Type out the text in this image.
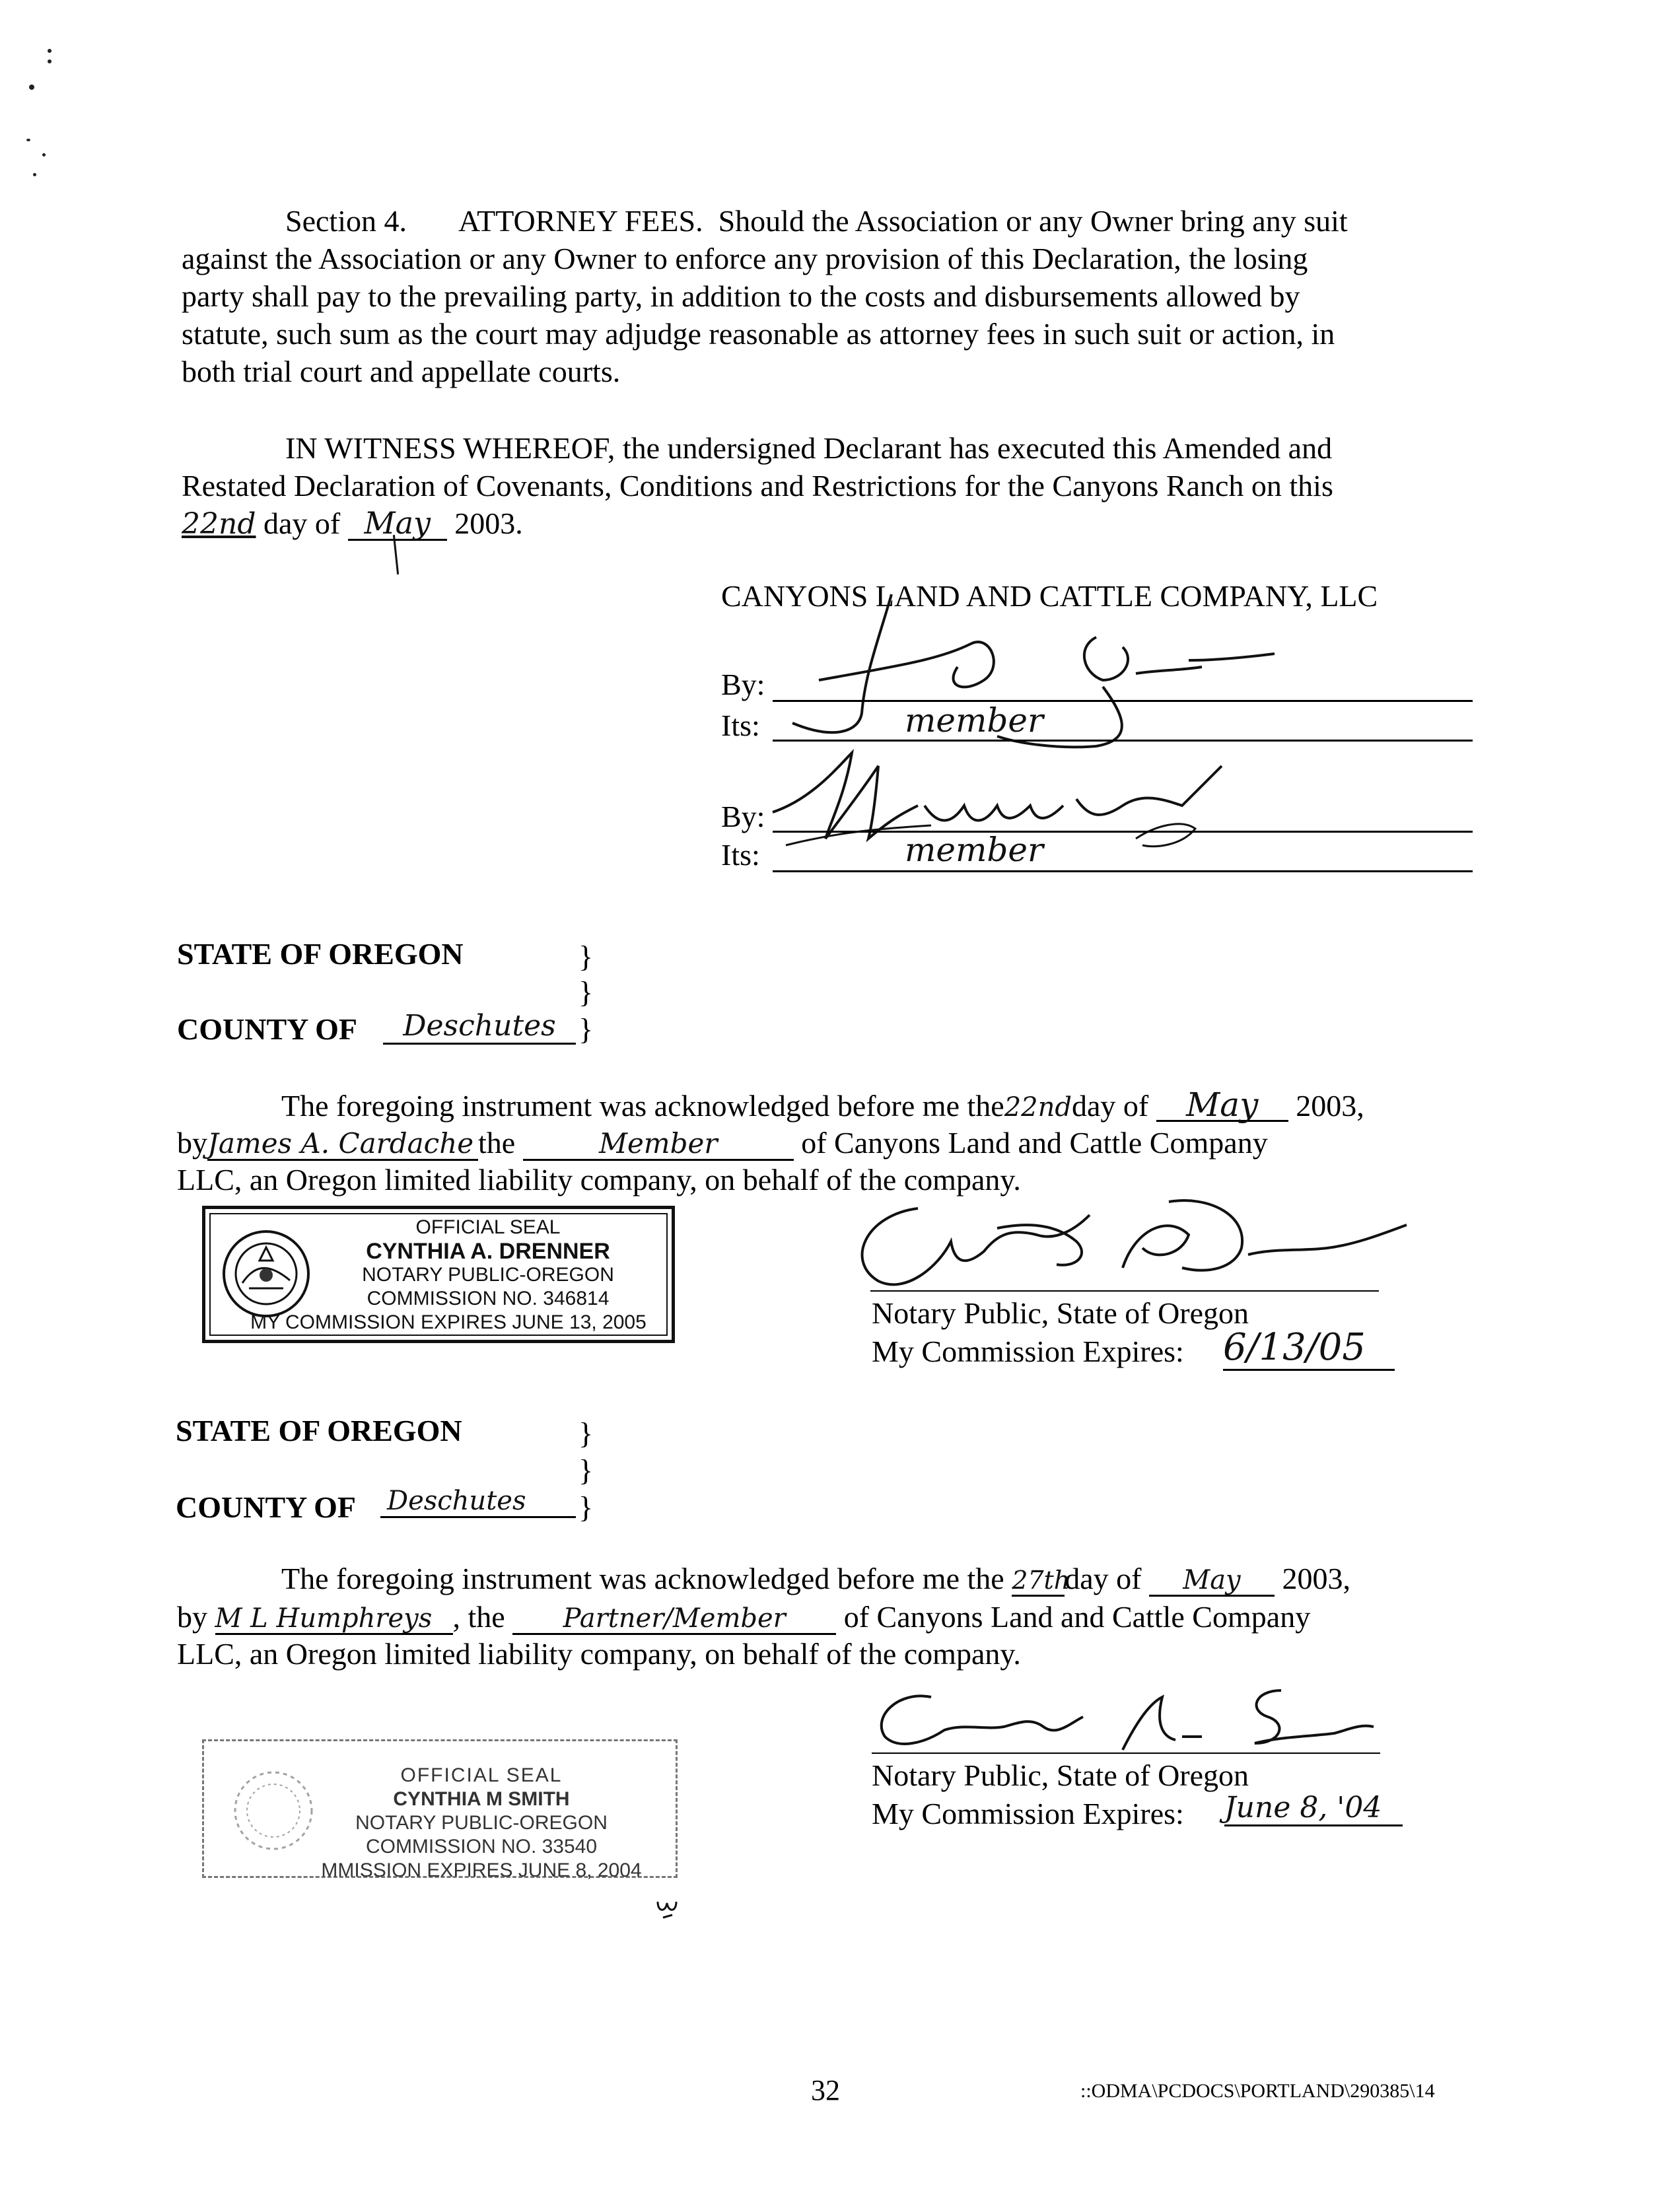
Section 4. ATTORNEY FEES. Should the Association or any Owner bring any suit
against the Association or any Owner to enforce any provision of this Declaration, the losing
party shall pay to the prevailing party, in addition to the costs and disbursements allowed by
statute, such sum as the court may adjudge reasonable as attorney fees in such suit or action, in
both trial court and appellate courts.
IN WITNESS WHEREOF, the undersigned Declarant has executed this Amended and
Restated Declaration of Covenants, Conditions and Restrictions for the Canyons Ranch on this
22nd day of May 2003.
CANYONS LAND AND CATTLE COMPANY, LLC
By:
Its:	member
By:
Its:	member
STATE OF OREGON	}
}
COUNTY OF	Deschutes }
The foregoing instrument was acknowledged before me the22ndday of May 2003,
byJames A. Cardache the	Member	of Canyons Land and Cattle Company
LLC, an Oregon limited liability company, on behalf of the company.
OFFICIAL SEAL
CYNTHIA A. DRENNER
NOTARY PUBLIC-OREGON
COMMISSION NO. 346814
MY COMMISSION EXPIRES JUNE 13, 2005	Notary Public, State of Oregon
My Commission Expires: 6/13/05
STATE OF OREGON	}
}
COUNTY OF Deschutes	}
The foregoing instrument was acknowledged before me the 27thday of May 2003,
by M L Humphreys , the Partner/Member of Canyons Land and Cattle Company
LLC, an Oregon limited liability company, on behalf of the company.
Notary Public, State of Oregon
My Commission Expires: June 8, '04
OFFICIAL SEAL
CYNTHIA M SMITH
NOTARY PUBLIC-OREGON
COMMISSION NO. 33540
MMISSION EXPIRES JUNE 8, 2004
32	::ODMA\PCDOCS\PORTLAND\290385\14
